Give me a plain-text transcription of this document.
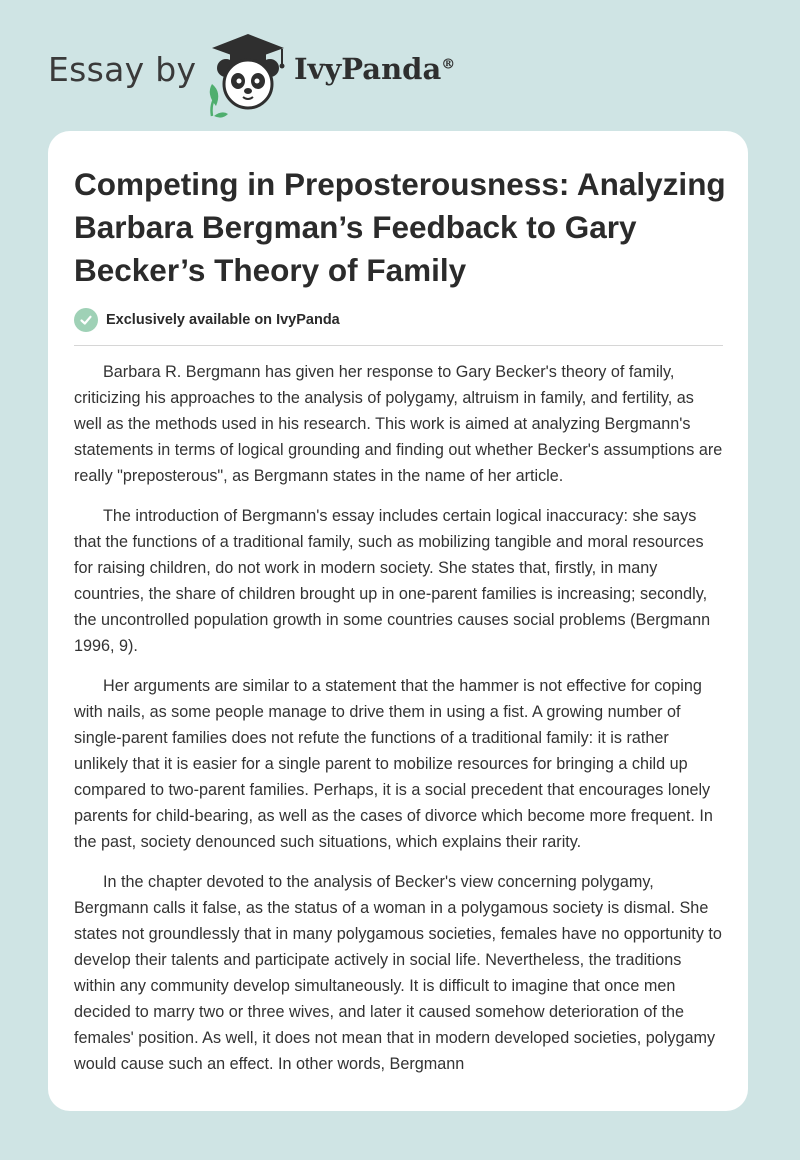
Essay by	IvyPanda®
Competing in Preposterousness: Analyzing Barbara Bergman’s Feedback to Gary Becker’s Theory of Family
Exclusively available on IvyPanda

Barbara R. Bergmann has given her response to Gary Becker's theory of family, criticizing his approaches to the analysis of polygamy, altruism in family, and fertility, as well as the methods used in his research. This work is aimed at analyzing Bergmann's statements in terms of logical grounding and finding out whether Becker's assumptions are really "preposterous", as Bergmann states in the name of her article.

The introduction of Bergmann's essay includes certain logical inaccuracy: she says that the functions of a traditional family, such as mobilizing tangible and moral resources for raising children, do not work in modern society. She states that, firstly, in many countries, the share of children brought up in one-parent families is increasing; secondly, the uncontrolled population growth in some countries causes social problems (Bergmann 1996, 9).

Her arguments are similar to a statement that the hammer is not effective for coping with nails, as some people manage to drive them in using a fist. A growing number of single-parent families does not refute the functions of a traditional family: it is rather unlikely that it is easier for a single parent to mobilize resources for bringing a child up compared to two-parent families. Perhaps, it is a social precedent that encourages lonely parents for child-bearing, as well as the cases of divorce which become more frequent. In the past, society denounced such situations, which explains their rarity.

In the chapter devoted to the analysis of Becker's view concerning polygamy, Bergmann calls it false, as the status of a woman in a polygamous society is dismal. She states not groundlessly that in many polygamous societies, females have no opportunity to develop their talents and participate actively in social life. Nevertheless, the traditions within any community develop simultaneously. It is difficult to imagine that once men decided to marry two or three wives, and later it caused somehow deterioration of the females' position. As well, it does not mean that in modern developed societies, polygamy would cause such an effect. In other words, Bergmann
